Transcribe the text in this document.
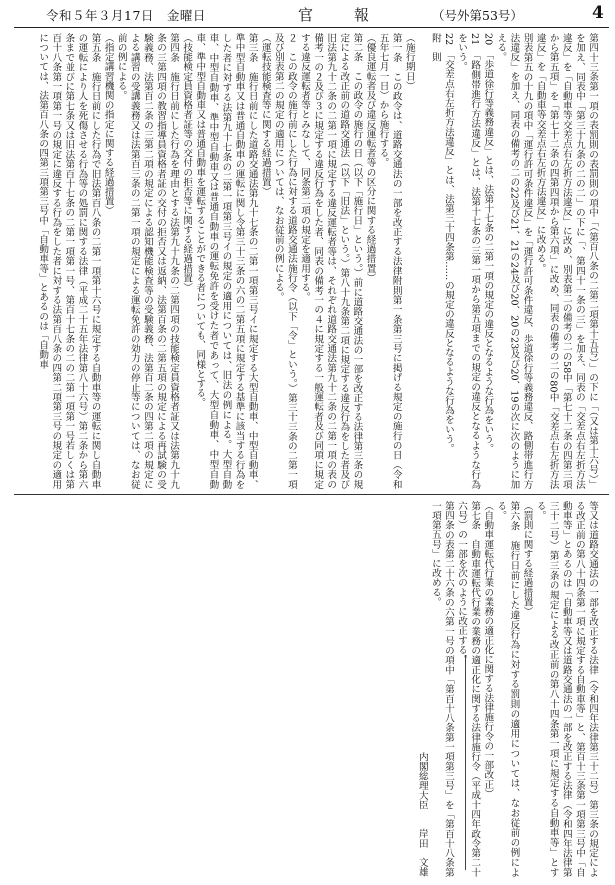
令和５年３月17日　金曜日	官	報	（号外第53号）	4

第四十三条第一項の表罰則の表罰則の項中「（第百八条の二第二項第十五号）」の下に「（又は第十六号）」を加え、同表中「第三十九条の二の二」の下に「、第四十一条の三」を加え、同表の「交差点右左折方法違反」を「自動車等交差点右左折方法違反」に改め、別表第二の備考の二の58中「第七十二条の四第三項から第五項」を「第七十二条の四第四項から第六項」に改め、同表の備考の二の80中「交差点右左折方法違反」を「自動車等交差点右左折方法違反」に改める。

別表第五の十九の項中「運行許可条件違反」を「運行許可条件違反、歩道徐行等義務違反、路側帯進行方法違反」を加え、同表の備考の二の22及び21、21の24及び20、20の23及び20、19の次に次のように加える。

20　「歩道徐行等義務違反」とは、法第十七条の二第一項の規定の違反となるような行為をいう。

21　「路側帯進行方法違反」とは、法第十七条の三第一項から第五項までの規定の違反となるような行為をいう。

22　「交差点右左折方法違反」とは、法第三十四条第……の規定の違反となるような行為をいう。

附　則

（施行期日）

第一条　この政令は、道路交通法の一部を改正する法律附則第一条第三号に掲げる規定の施行の日（令和五年七月一日）から施行する。

（優良運転者及び違反運転者等の区分に関する経過措置）

第二条　この政令の施行の日（以下「施行日」という。）前に道路交通法の一部を改正する法律第三条の規定による改正前の道路交通法（以下「旧法」という。）第八十九条第二項に規定する違反行為をした者及び旧法第九十二条の二第一項に規定する違反運転者等は、それぞれ道路交通法第九十二条の二第一項の表の備考一の２及び３に規定する違反行為をした者、同表の備考一の４に規定する一般運転者及び同項に規定する違反運転者等とみなして、同条第二項の規定を適用する。

２　この政令の施行前にした行為に対する道路交通法施行令（以下「令」という。）第三十三条の二第一項及び別表第二の規定の適用については、なお従前の例による。

（運転技能検査等に関する経過措置）

第三条　施行日前にした道路交通法第九十七条の二第一項第三号イに規定する大型自動車、中型自動車、準中型自動車又は普通自動車の運転に関し令第三十三条の六の二第五項に規定する基準に該当する行為をした者に対する法第九十七条の二第一項第三号イの規定の適用については、旧法の例による。大型自動車、中型自動車、準中型自動車又は普通自動車の運転免許を受けた者であって、大型自動車、中型自動車、準中型自動車又は普通自動車を運転することができる者についても、同様とする。

（技能検定員資格者証等の交付の拒否等に関する経過措置）

第四条　施行日前にした行為を理由とする法第九十九条の二第四項の技能検定員資格者証又は法第九十九条の三第四項の教習指導員資格者証の交付の拒否又は返納、法第百条の二第五項の規定による再試験の受験義務、法第百二条の三第二項の規定による認知機能検査等の受験義務、法第百二条の四第二項の規定による講習の受講義務又は法第百三条の二第一項の規定による運転免許の効力の停止等については、なお従前の例による。

（指定講習機関の指定に関する経過措置）

第五条　施行日前にした行為で旧法第百八条の二第一項第十六号に規定する自動車等の運転に関し自動車の運転により人を死傷させる行為等の処罰に関する法律（平成二十五年法律第八十六号）第二条から第六条まで並びに第七条又は旧法第百十七条の二第一項第一号、第百十七条の二の二第一項第一号若しくは第百十八条第一項第一号の規定に違反する行為をした者に対する法第百八条の四第二項第三号の規定の適用については、法第百八条の四第三項第三号中「自動車等」とあるのは「自動車

等又は道路交通法の一部を改正する法律（令和四年法律第三十二号）第三条の規定による改正前の第八十四条第一項に規定する自動車等」と、第百十三条第一項第三号中「自動車等」とあるのは「自動車等又は道路交通法の一部を改正する法律（令和四年法律第三十二号）第三条の規定による改正前の第八十四条第一項に規定する自動車等」とする。

（罰則に関する経過措置）

第六条　施行日前にした違反行為に対する罰則の適用については、なお従前の例による。

（自動車運転代行業の業務の適正化に関する法律施行令の一部改正）

第七条　自動車運転代行業の業務の適正化に関する法律施行令（平成十四年政令第二十六号）の一部を次のように改正する。

第四条の表第二十六条の六第一号の項中「第百十八条第一項第三号」を「第百十八条第一項第五号」に改める。

内閣総理大臣岸田　文雄
